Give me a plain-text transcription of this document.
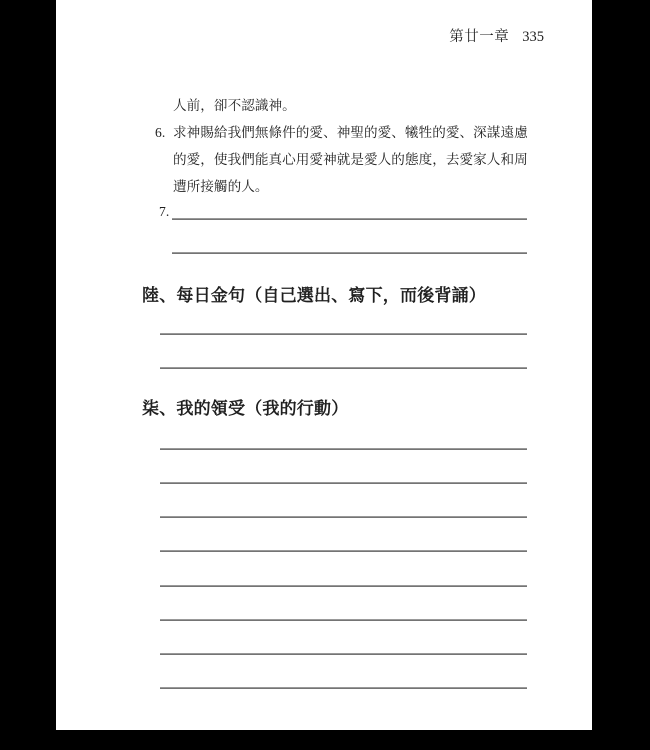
第廿一章 335
人前，卻不認識神。
6. 求神賜給我們無條件的愛、神聖的愛、犧牲的愛、深謀遠慮
的愛，使我們能真心用愛神就是愛人的態度，去愛家人和周
遭所接觸的人。
7.
陸、每日金句（自己選出、寫下，而後背誦）
柒、我的領受（我的行動）
